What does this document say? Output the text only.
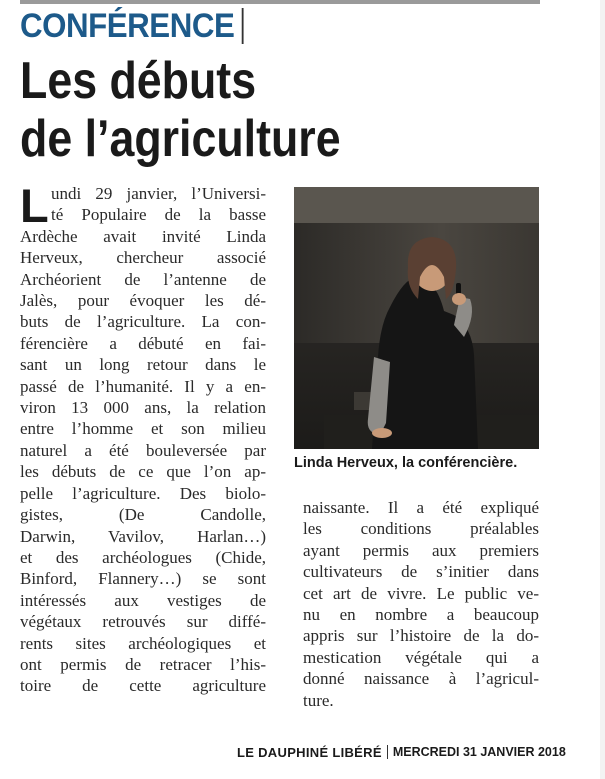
CONFÉRENCE
Les débuts
de l’agriculture
L undi 29 janvier, l’Universi-
té Populaire de la basse
Ardèche avait invité Linda
Herveux, chercheur associé
Archéorient de l’antenne de
Jalès, pour évoquer les dé-
buts de l’agriculture. La con-
férencière a débuté en fai-
sant un long retour dans le
passé de l’humanité. Il y a en-
viron 13 000 ans, la relation
entre l’homme et son milieu
naturel a été bouleversée par
les débuts de ce que l’on ap-
pelle l’agriculture. Des biolo-
gistes, (De Candolle,
Darwin, Vavilov, Harlan…)
et des archéologues (Chide,
Binford, Flannery…) se sont
intéressés aux vestiges de
végétaux retrouvés sur diffé-
rents sites archéologiques et
ont permis de retracer l’his-
toire de cette agriculture
Linda Herveux, la conférencière.
naissante. Il a été expliqué
les conditions préalables
ayant permis aux premiers
cultivateurs de s’initier dans
cet art de vivre. Le public ve-
nu en nombre a beaucoup
appris sur l’histoire de la do-
mestication végétale qui a
donné naissance à l’agricul-
ture.
LE DAUPHINÉ LIBÉRÉ MERCREDI 31 JANVIER 2018
